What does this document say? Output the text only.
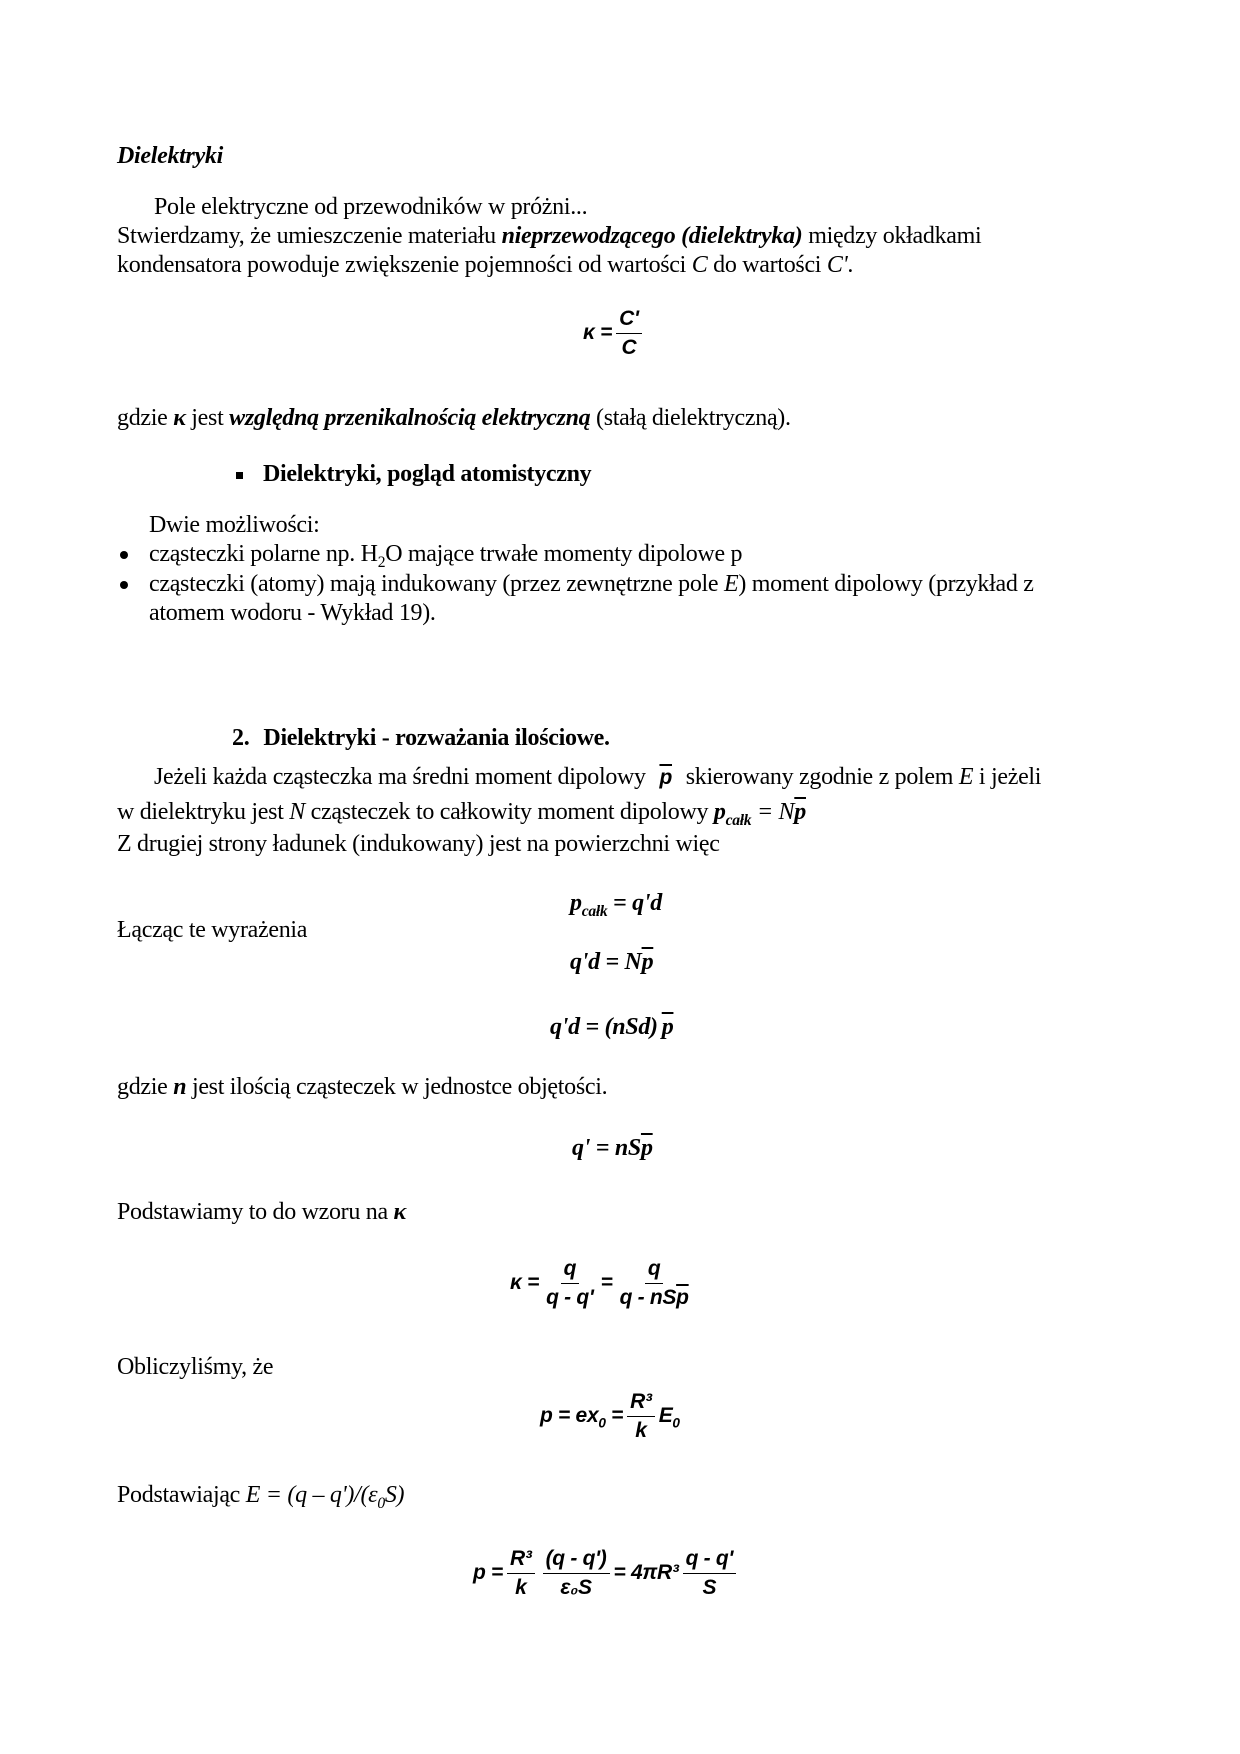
Dielektryki
Pole elektryczne od przewodników w próżni...
Stwierdzamy, że umieszczenie materiału nieprzewodzącego (dielektryka) między okładkami
kondensatora powoduje zwiększenie pojemności od wartości C do wartości C'.
$\kappa = \frac{C'}{C}$
gdzie κ jest względną przenikalnością elektryczną (stałą dielektryczną).
Dielektryki, pogląd atomistyczny
Dwie możliwości:
cząsteczki polarne np. $H_2O$ mające trwałe momenty dipolowe p
cząsteczki (atomy) mają indukowany (przez zewnętrzne pole E) moment dipolowy (przykład z
atomem wodoru - Wykład 19).
2. Dielektryki - rozważania ilościowe.
Jeżeli każda cząsteczka ma średni moment dipolowy $\overline{p}$ skierowany zgodnie z polem E i jeżeli
w dielektryku jest N cząsteczek to całkowity moment dipolowy $p_{całk} = N\overline{p}$
Z drugiej strony ładunek (indukowany) jest na powierzchni więc
$p_{całk} = q'd$
Łącząc te wyrażenia
$q'd = N\overline{p}$
q'd = (nSd) $\overline{p}$
gdzie n jest ilością cząsteczek w jednostce objętości.
$q' = nS\overline{p}$
Podstawiamy to do wzoru na κ
$\kappa = \frac{q}{q - q'} = \frac{q}{q - nS\overline{p}}$
Obliczyliśmy, że
$p = ex_0 = \frac{\text{R³}}{k} E_0$
Podstawiając $E = (q - q')/(\varepsilon_0S)$
$p = \frac{\text{R³}}{k} \frac{(q - q')}{\text{ε₀S}} = 4\pi R^3 \frac{q - q'}{S}$
